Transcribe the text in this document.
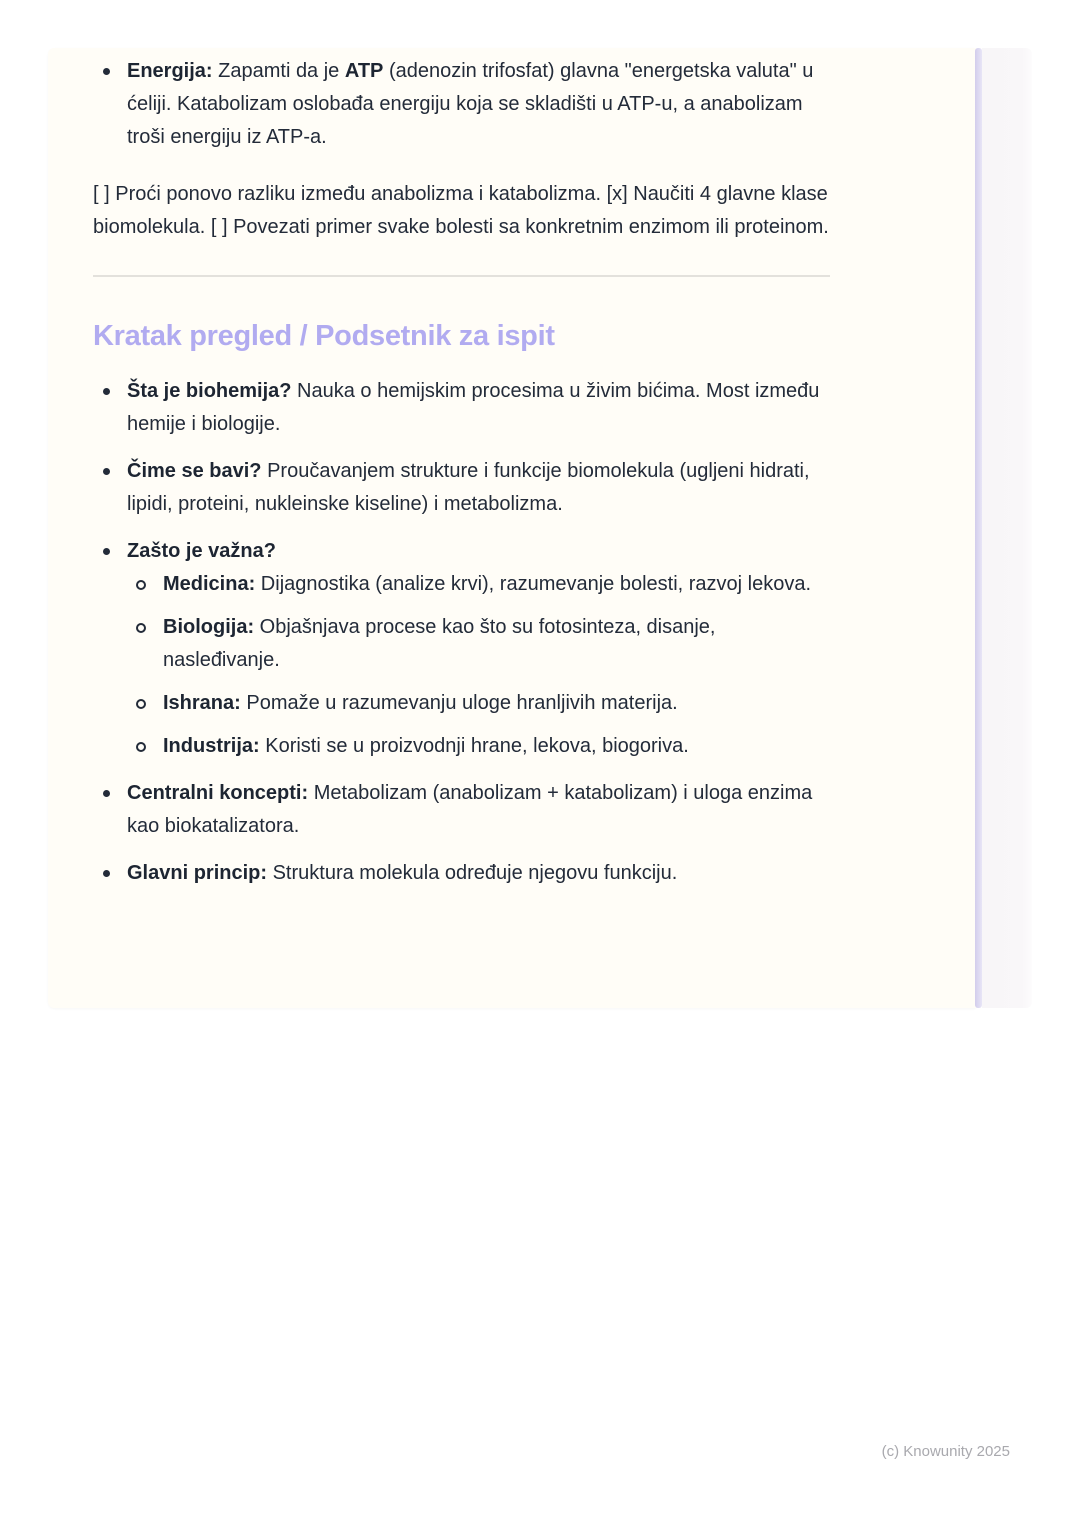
Energija: Zapamti da je ATP (adenozin trifosfat) glavna "energetska valuta" u ćeliji. Katabolizam oslobađa energiju koja se skladišti u ATP-u, a anabolizam troši energiju iz ATP-a.

[ ] Proći ponovo razliku između anabolizma i katabolizma. [x] Naučiti 4 glavne klase biomolekula. [ ] Povezati primer svake bolesti sa konkretnim enzimom ili proteinom.

Kratak pregled / Podsetnik za ispit
Šta je biohemija? Nauka o hemijskim procesima u živim bićima. Most između hemije i biologije.
Čime se bavi? Proučavanjem strukture i funkcije biomolekula (ugljeni hidrati, lipidi, proteini, nukleinske kiseline) i metabolizma.
Zašto je važna?
Medicina: Dijagnostika (analize krvi), razumevanje bolesti, razvoj lekova.
Biologija: Objašnjava procese kao što su fotosinteza, disanje, nasleđivanje.
Ishrana: Pomaže u razumevanju uloge hranljivih materija.
Industrija: Koristi se u proizvodnji hrane, lekova, biogoriva.
Centralni koncepti: Metabolizam (anabolizam + katabolizam) i uloga enzima kao biokatalizatora.
Glavni princip: Struktura molekula određuje njegovu funkciju.
(c) Knowunity 2025
